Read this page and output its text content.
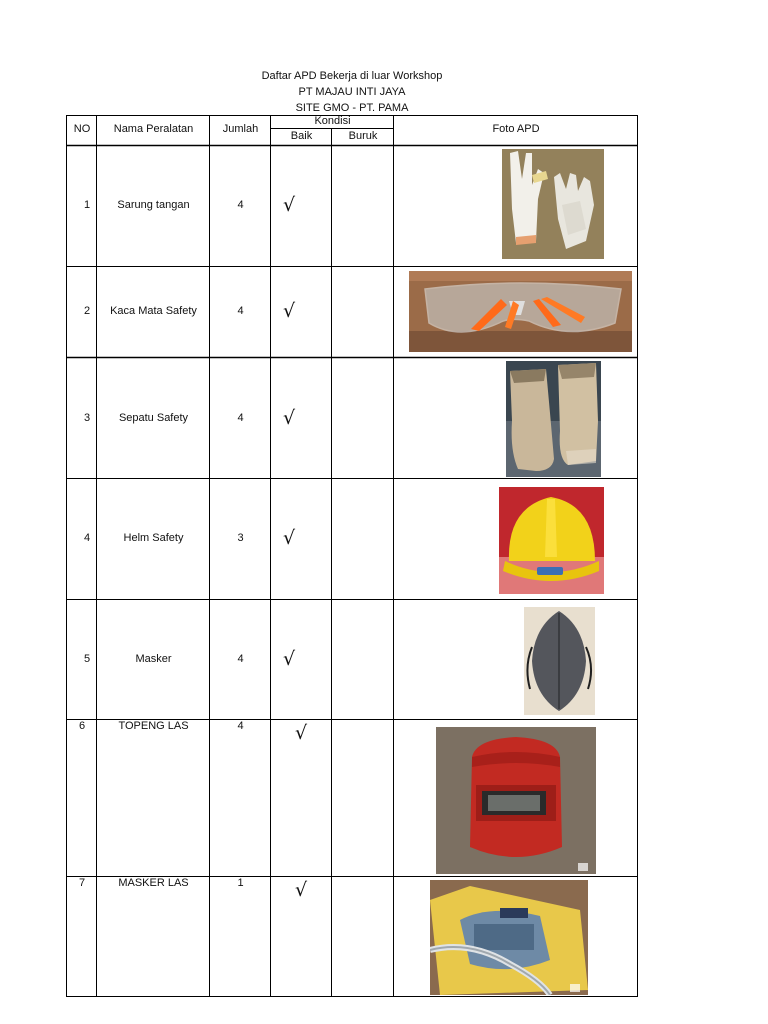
Daftar APD Bekerja di luar Workshop
PT MAJAU INTI JAYA
SITE GMO - PT. PAMA
NO	Nama Peralatan	Jumlah
Kondisi
Baik	Buruk
Foto APD
1	Sarung tangan	4	√
2	Kaca Mata Safety	4	√
3	Sepatu Safety	4	√
4	Helm Safety	3	√
5	Masker	4	√
6	TOPENG LAS	4	√
7	MASKER LAS	1	√
